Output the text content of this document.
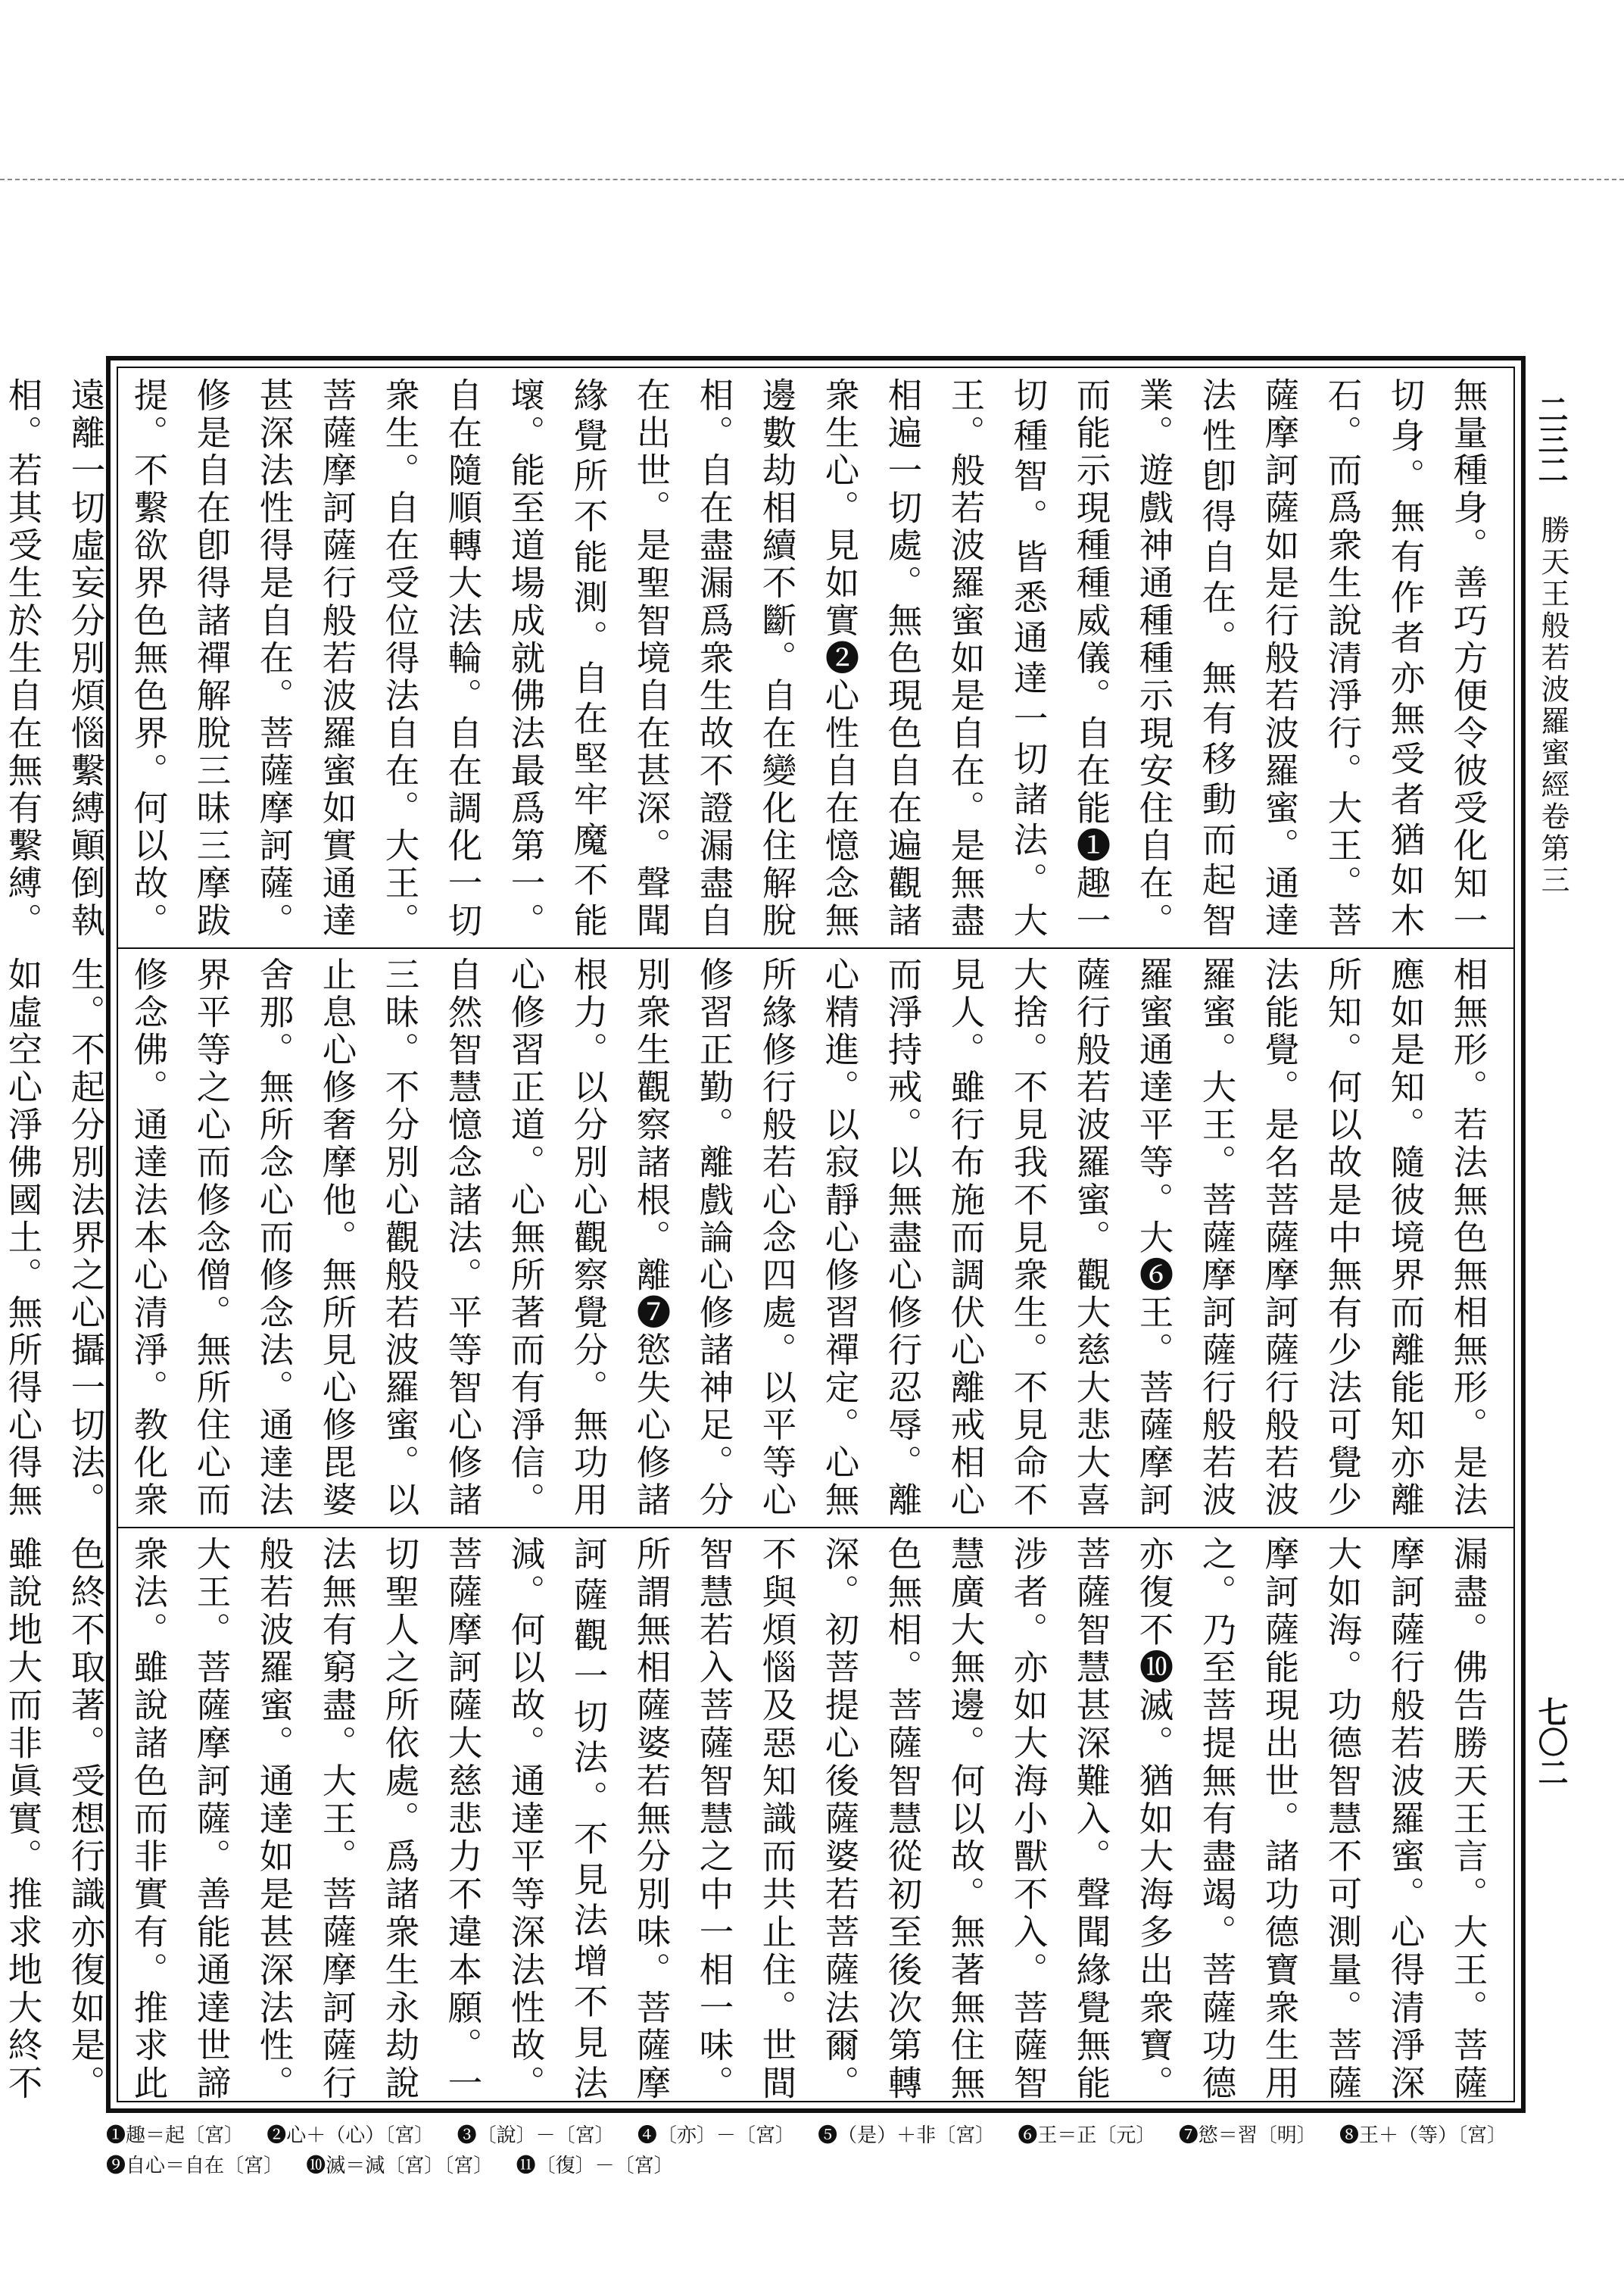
二三二
勝天王般若波羅蜜經卷第三
七〇二
無量種身。善巧方便令彼受化知一切身。無有作者亦無受者猶如木石。而爲衆生說清淨行。大王。菩薩摩訶薩如是行般若波羅蜜。通達法性卽得自在。無有移動而起智業。遊戲神通種種示現安住自在。而能示現種種威儀。自在能❶趣一切種智。皆悉通達一切諸法。大王。般若波羅蜜如是自在。是無盡相遍一切處。無色現色自在遍觀諸衆生心。見如實❷心性自在憶念無邊數劫相續不斷。自在變化住解脫相。自在盡漏爲衆生故不證漏盡自在出世。是聖智境自在甚深。聲聞緣覺所不能測。自在堅牢魔不能壞。能至道場成就佛法最爲第一。自在隨順轉大法輪。自在調化一切衆生。自在受位得法自在。大王。菩薩摩訶薩行般若波羅蜜如實通達甚深法性得是自在。菩薩摩訶薩。修是自在卽得諸禪解脫三昧三摩跋提。不繫欲界色無色界。何以故。遠離一切虛妄分別煩惱繫縛顚倒執相。若其受生於生自在無有繫縛。
相無形。若法無色無相無形。是法應如是知。隨彼境界而離能知亦離所知。何以故是中無有少法可覺少法能覺。是名菩薩摩訶薩行般若波羅蜜。大王。菩薩摩訶薩行般若波羅蜜通達平等。大❻王。菩薩摩訶薩行般若波羅蜜。觀大慈大悲大喜大捨。不見我不見衆生。不見命不見人。雖行布施而調伏心離戒相心而淨持戒。以無盡心修行忍辱。離心精進。以寂靜心修習禪定。心無所緣修行般若心念四處。以平等心修習正勤。離戲論心修諸神足。分別衆生觀察諸根。離❼慾失心修諸根力。以分別心觀察覺分。無功用心修習正道。心無所著而有淨信。自然智慧憶念諸法。平等智心修諸三昧。不分別心觀般若波羅蜜。以止息心修奢摩他。無所見心修毘婆舍那。無所念心而修念法。通達法界平等之心而修念僧。無所住心而修念佛。通達法本心清淨。教化衆生。不起分別法界之心攝一切法。如虛空心淨佛國土。無所得心得無
漏盡。佛告勝天王言。大王。菩薩摩訶薩行般若波羅蜜。心得清淨深大如海。功德智慧不可測量。菩薩摩訶薩能現出世。諸功德寶衆生用之。乃至菩提無有盡竭。菩薩功德亦復不❿滅。猶如大海多出衆寶。菩薩智慧甚深難入。聲聞緣覺無能涉者。亦如大海小獸不入。菩薩智慧廣大無邊。何以故。無著無住無色無相。菩薩智慧從初至後次第轉深。初菩提心後薩婆若菩薩法爾。不與煩惱及惡知識而共止住。世間智慧若入菩薩智慧之中一相一味。所謂無相薩婆若無分別味。菩薩摩訶薩觀一切法。不見法增不見法減。何以故。通達平等深法性故。菩薩摩訶薩大慈悲力不違本願。一切聖人之所依處。爲諸衆生永劫說法無有窮盡。大王。菩薩摩訶薩行般若波羅蜜。通達如是甚深法性。大王。菩薩摩訶薩。善能通達世諦衆法。雖說諸色而非實有。推求此色終不取著。受想行識亦復如是。雖說地大而非眞實。推求地大終不
❶趣＝起〔宮〕 ❷心＋（心）〔宮〕 ❸〔說〕－〔宮〕 ❹〔亦〕－〔宮〕 ❺（是）＋非〔宮〕 ❻王＝正〔元〕 ❼慾＝習〔明〕 ❽王＋（等）〔宮〕 ❾自心＝自在〔宮〕 ❿滅＝減〔宮〕〔宮〕 ⓫〔復〕－〔宮〕
